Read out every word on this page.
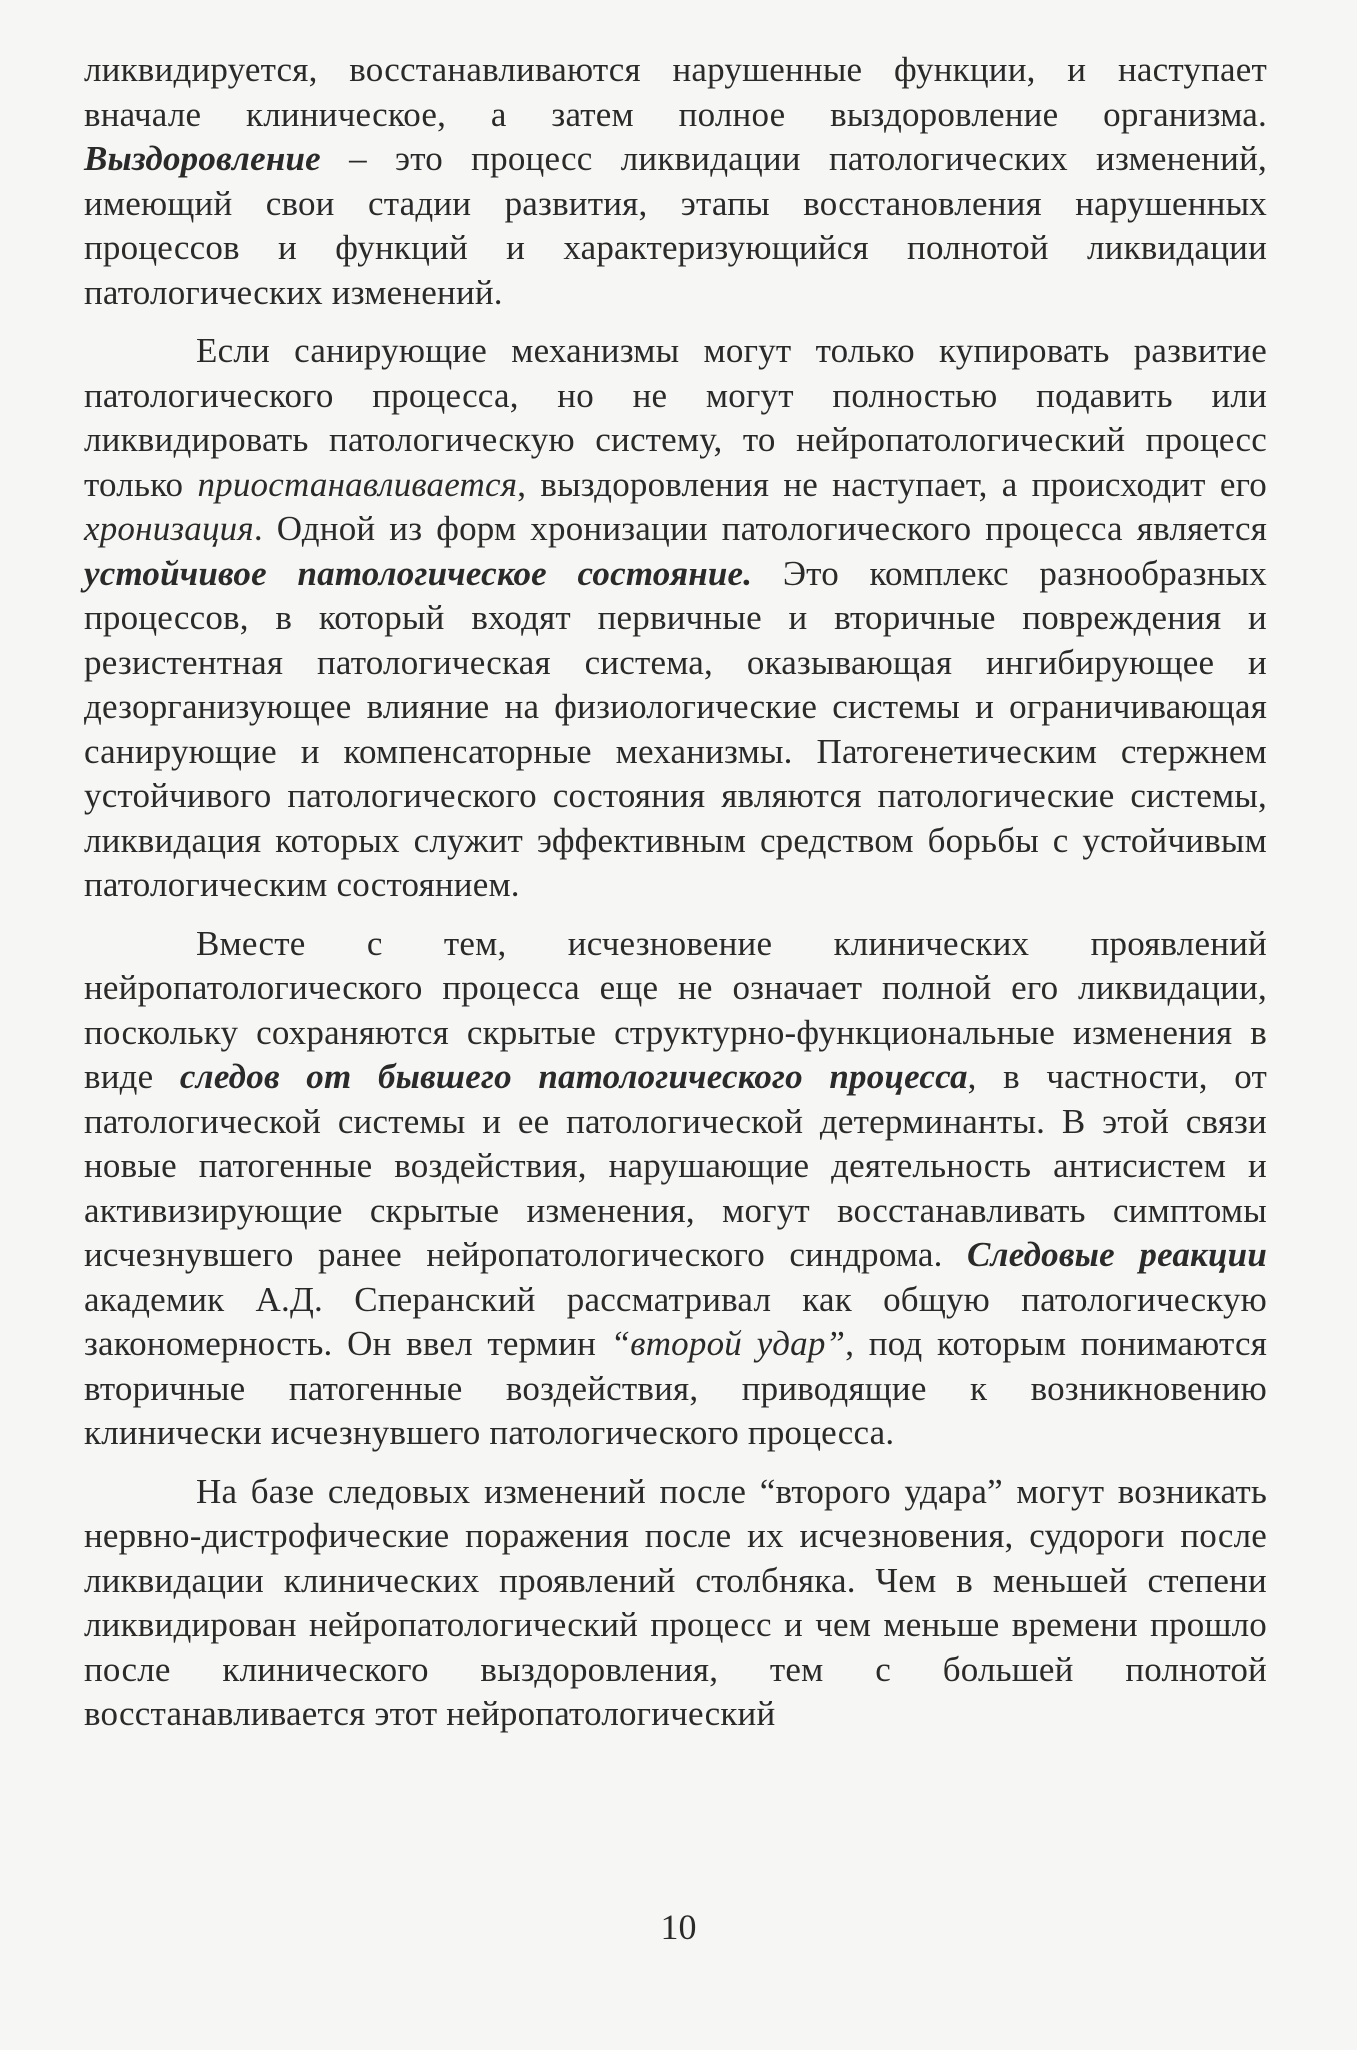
ликвидируется, восстанавливаются нарушенные функции, и наступает вначале клиническое, а затем полное выздоровление организма. Выздоровление – это процесс ликвидации патологических изменений, имеющий свои стадии развития, этапы восстановления нарушенных процессов и функций и характеризующийся полнотой ликвидации патологических изменений.

Если санирующие механизмы могут только купировать развитие патологического процесса, но не могут полностью подавить или ликвидировать патологическую систему, то нейропатологический процесс только приостанавливается, выздоровления не наступает, а происходит его хронизация. Одной из форм хронизации патологического процесса является устойчивое патологическое состояние. Это комплекс разнообразных процессов, в который входят первичные и вторичные повреждения и резистентная патологическая система, оказывающая ингибирующее и дезорганизующее влияние на физиологические системы и ограничивающая санирующие и компенсаторные механизмы. Патогенетическим стержнем устойчивого патологического состояния являются патологические системы, ликвидация которых служит эффективным средством борьбы с устойчивым патологическим состоянием.

Вместе с тем, исчезновение клинических проявлений нейропатологического процесса еще не означает полной его ликвидации, поскольку сохраняются скрытые структурно-функциональные изменения в виде следов от бывшего патологического процесса, в частности, от патологической системы и ее патологической детерминанты. В этой связи новые патогенные воздействия, нарушающие деятельность антисистем и активизирующие скрытые изменения, могут восстанавливать симптомы исчезнувшего ранее нейропатологического синдрома. Следовые реакции академик А.Д. Сперанский рассматривал как общую патологическую закономерность. Он ввел термин “второй удар”, под которым понимаются вторичные патогенные воздействия, приводящие к возникновению клинически исчезнувшего патологического процесса.

На базе следовых изменений после “второго удара” могут возникать нервно-дистрофические поражения после их исчезновения, судороги после ликвидации клинических проявлений столбняка. Чем в меньшей степени ликвидирован нейропатологический процесс и чем меньше времени прошло после клинического выздоровления, тем с большей полнотой восстанавливается этот нейропатологический

10
